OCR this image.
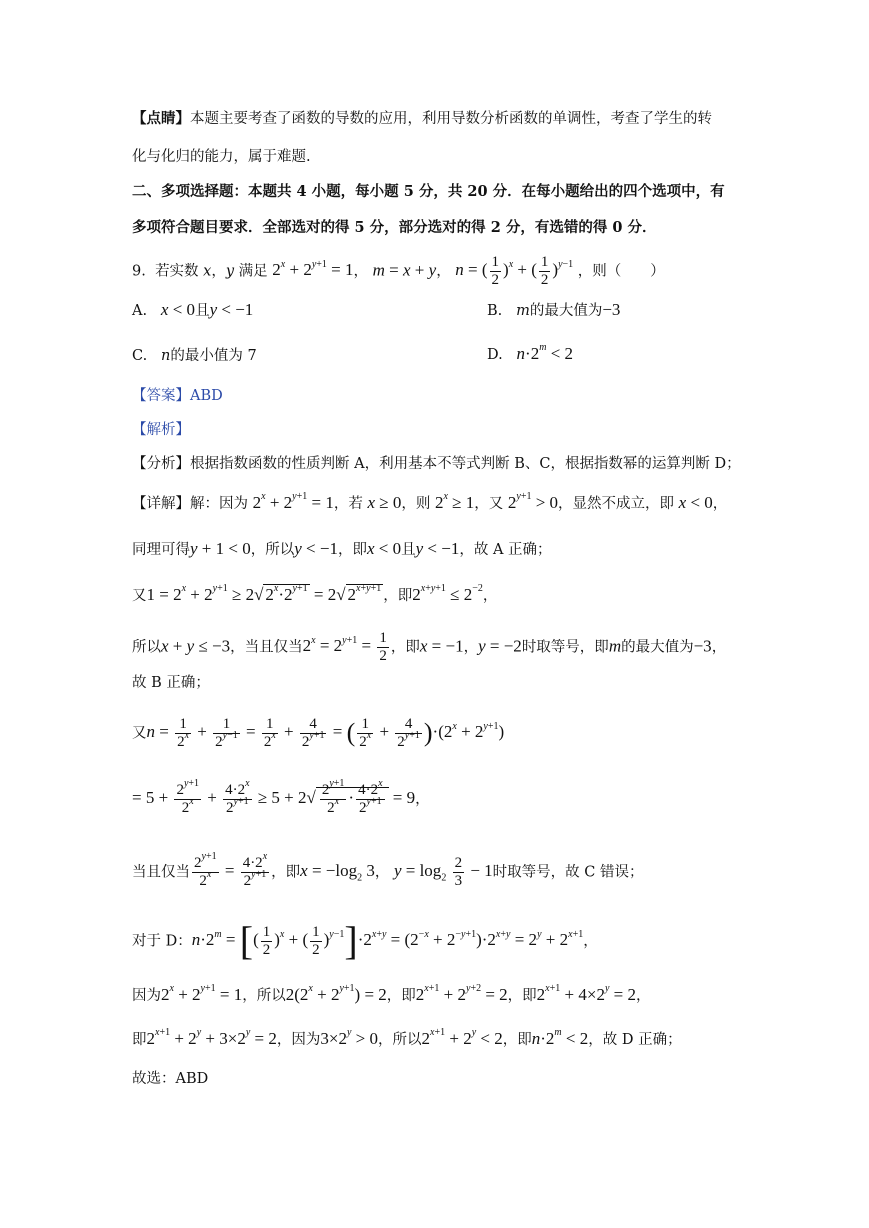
【点睛】本题主要考查了函数的导数的应用，利用导数分析函数的单调性，考查了学生的转
化与化归的能力，属于难题.
二、多项选择题：本题共 4 小题，每小题 5 分，共 20 分．在每小题给出的四个选项中，有
多项符合题目要求．全部选对的得 5 分，部分选对的得 2 分，有选错的得 0 分．
9. 若实数 x，y 满足 $2^x + 2^{y+1} = 1$， m = x + y， n = ( $\frac{1}{2} )^x$ + ( $\frac{1}{2} )^{y-1}$ ，则（　　）
A. x < 0且y < −1	B. m的最大值为−3
C. n的最小值为 7	D. $n\cdot 2^m < 2$
【答案】ABD
【解析】
【分析】根据指数函数的性质判断 A，利用基本不等式判断 B、C，根据指数幂的运算判断 D；
【详解】解：因为 $2^x + 2^{y+1} = 1$，若 x ≥ 0，则 $2^x \ge 1$，又 $2^{y+1} > 0$，显然不成立，即 x < 0，
同理可得y + 1 < 0，所以y < −1，即x < 0且y < −1，故 A 正确；
又$1 = 2^x + 2^{y+1} \ge 2√$ $2^x\cdot 2^{y+1} = 2√$ $2^{x+y+1}$ ，即$2^{x+y+1} \le 2^{-2}$，
所以x + y ≤ −3，当且仅当$2^x = 2^{y+1} = \frac{1}{2}$ ，即x = −1，y = −2时取等号，即m的最大值为−3，
故 B 正确；
又$n = \frac{1}{2^x} + \frac{1}{2^{y-1}} = \frac{1}{2^x} + \frac{4}{2^{y+1}}$ = ( $\frac{1}{2^x} + \frac{4}{2^{y+1}} )\cdot(2^x + 2^{y+1})$
= $5 + \frac{2^{y+1}}{2^x} + \frac{4\cdot 2^x}{2^{y+1}} \ge 5 + 2√ \frac{2^{y+1}}{2^x} \cdot \frac{4\cdot 2^x}{2^{y+1}} = 9$，
当且仅当 $\frac{2^{y+1}}{2^x} = \frac{4\cdot 2^x}{2^{y+1}}$ ，即$x = -\log_2$ 3， $y = \log_2 \frac{2}{3} - 1$时取等号，故 C 错误；
对于 D：$n\cdot 2^m$ = [( $\frac{1}{2} )^x$ + ( $\frac{1}{2} )^{y-1}]\cdot 2^{x+y} = (2^{-x} + 2^{-y+1})\cdot 2^{x+y} = 2^y + 2^{x+1}$，
因为$2^x + 2^{y+1} = 1$，所以$2(2^x + 2^{y+1}) = 2$，即$2^{x+1} + 2^{y+2} = 2$，即$2^{x+1} + 4\times 2^y = 2$，
即$2^{x+1} + 2^y + 3\times 2^y = 2$，因为$3\times 2^y > 0$，所以$2^{x+1} + 2^y < 2$，即$n\cdot 2^m < 2$，故 D 正确；
故选：ABD
